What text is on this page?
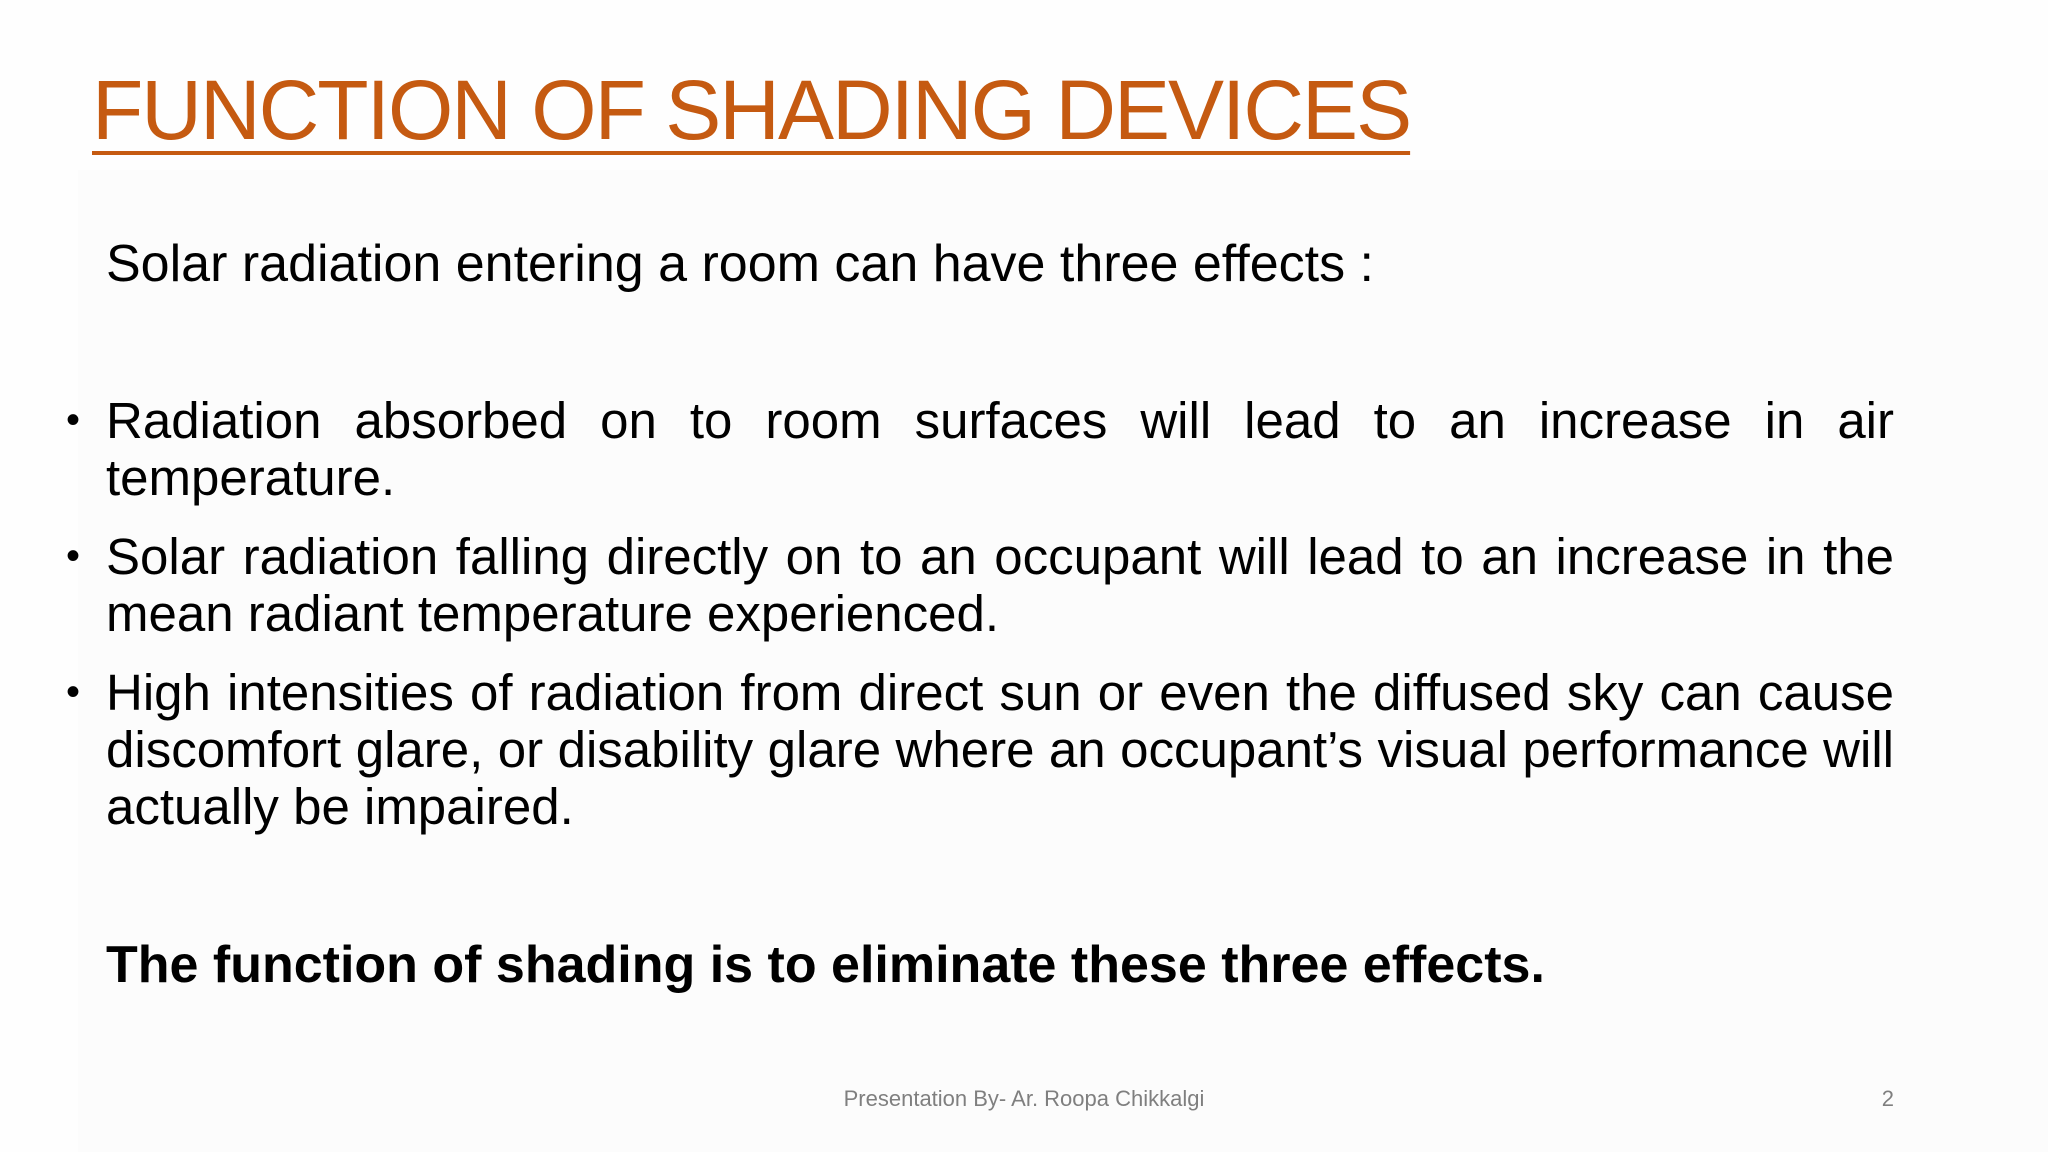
FUNCTION OF SHADING DEVICES

Solar radiation entering a room can have three effects :

• Radiation absorbed on to room surfaces will lead to an increase in air temperature.
• Solar radiation falling directly on to an occupant will lead to an increase in the mean radiant temperature experienced.
• High intensities of radiation from direct sun or even the diffused sky can cause discomfort glare, or disability glare where an occupant’s visual performance will actually be impaired.

The function of shading is to eliminate these three effects.

Presentation By- Ar. Roopa Chikkalgi	2
